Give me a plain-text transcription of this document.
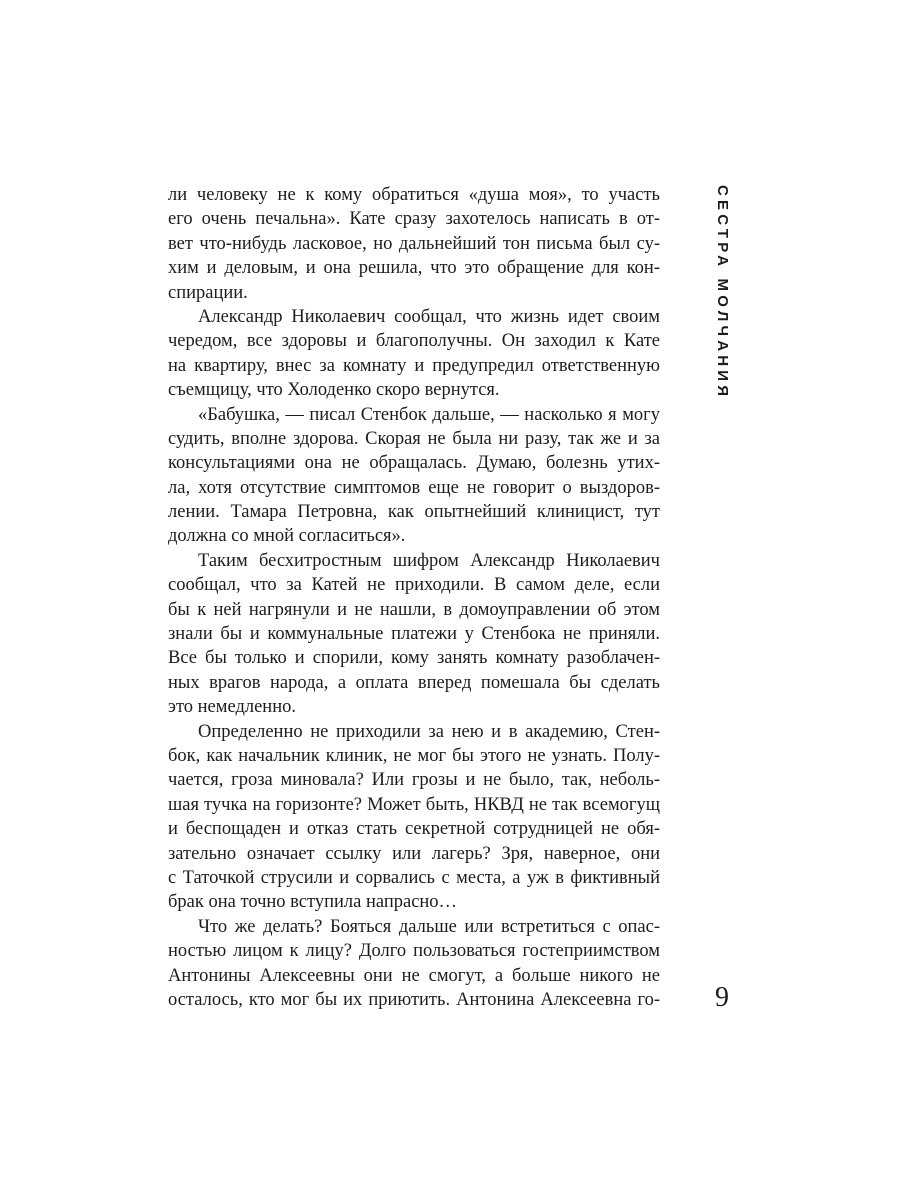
ли человеку не к кому обратиться «душа моя», то участь
его очень печальна». Кате сразу захотелось написать в от-
вет что-нибудь ласковое, но дальнейший тон письма был су-
хим и деловым, и она решила, что это обращение для кон-
спирации.
Александр Николаевич сообщал, что жизнь идет своим
чередом, все здоровы и благополучны. Он заходил к Кате
на квартиру, внес за комнату и предупредил ответственную
съемщицу, что Холоденко скоро вернутся.
«Бабушка, — писал Стенбок дальше, — насколько я могу
судить, вполне здорова. Скорая не была ни разу, так же и за
консультациями она не обращалась. Думаю, болезнь утих-
ла, хотя отсутствие симптомов еще не говорит о выздоров-
лении. Тамара Петровна, как опытнейший клиницист, тут
должна со мной согласиться».
Таким бесхитростным шифром Александр Николаевич
сообщал, что за Катей не приходили. В самом деле, если
бы к ней нагрянули и не нашли, в домоуправлении об этом
знали бы и коммунальные платежи у Стенбока не приняли.
Все бы только и спорили, кому занять комнату разоблачен-
ных врагов народа, а оплата вперед помешала бы сделать
это немедленно.
Определенно не приходили за нею и в академию, Стен-
бок, как начальник клиник, не мог бы этого не узнать. Полу-
чается, гроза миновала? Или грозы и не было, так, неболь-
шая тучка на горизонте? Может быть, НКВД не так всемогущ
и беспощаден и отказ стать секретной сотрудницей не обя-
зательно означает ссылку или лагерь? Зря, наверное, они
с Таточкой струсили и сорвались с места, а уж в фиктивный
брак она точно вступила напрасно…
Что же делать? Бояться дальше или встретиться с опас-
ностью лицом к лицу? Долго пользоваться гостеприимством
Антонины Алексеевны они не смогут, а больше никого не
осталось, кто мог бы их приютить. Антонина Алексеевна го-
СЕСТРА МОЛЧАНИЯ
9
